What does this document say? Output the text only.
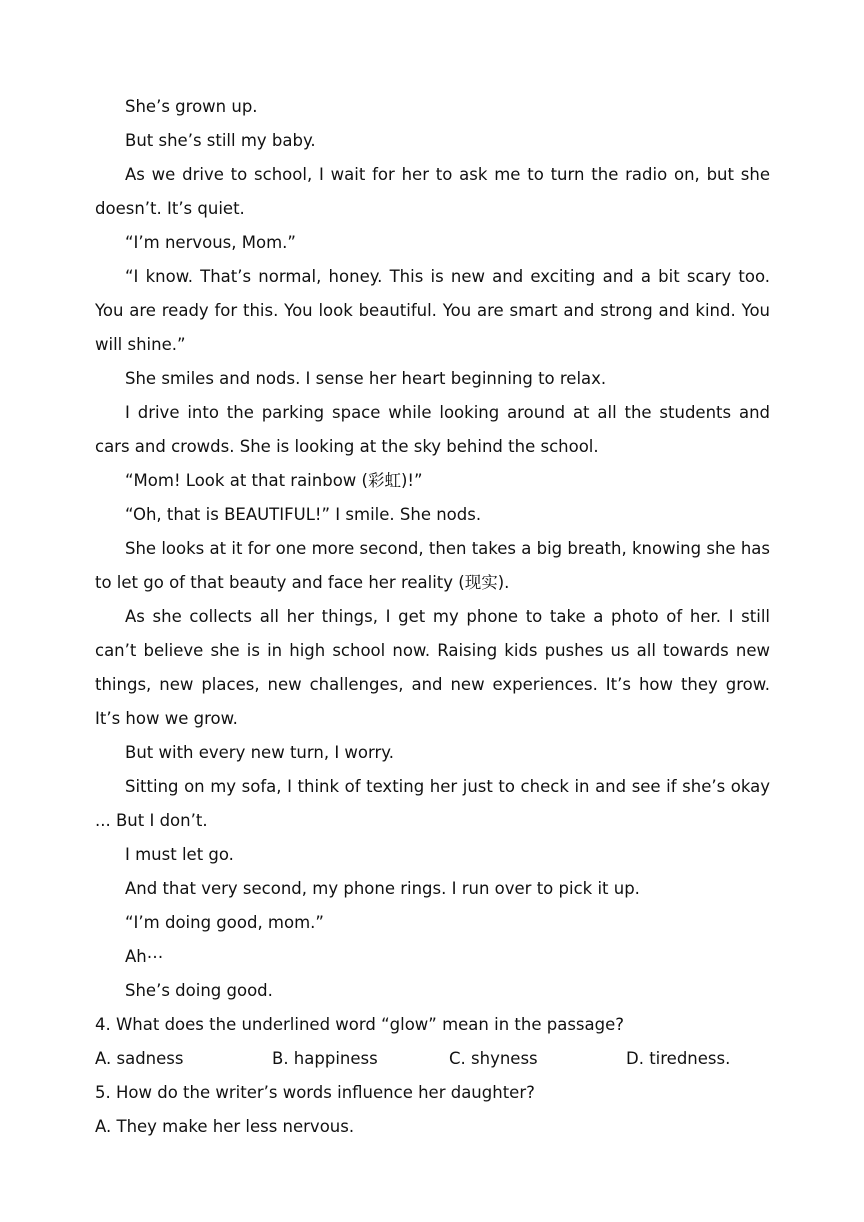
She’s grown up.

But she’s still my baby.

As we drive to school, I wait for her to ask me to turn the radio on, but she doesn’t. It’s quiet.

“I’m nervous, Mom.”

“I know. That’s normal, honey. This is new and exciting and a bit scary too. You are ready for this. You look beautiful. You are smart and strong and kind. You will shine.”

She smiles and nods. I sense her heart beginning to relax.

I drive into the parking space while looking around at all the students and cars and crowds. She is looking at the sky behind the school.

“Mom! Look at that rainbow (彩虹)!”

“Oh, that is BEAUTIFUL!” I smile. She nods.

She looks at it for one more second, then takes a big breath, knowing she has to let go of that beauty and face her reality (现实).

As she collects all her things, I get my phone to take a photo of her. I still can’t believe she is in high school now. Raising kids pushes us all towards new things, new places, new challenges, and new experiences. It’s how they grow. It’s how we grow.

But with every new turn, I worry.

Sitting on my sofa, I think of texting her just to check in and see if she’s okay ... But I don’t.

I must let go.

And that very second, my phone rings. I run over to pick it up.

“I’m doing good, mom.”

Ah⋯

She’s doing good.

4. What does the underlined word “glow” mean in the passage?

A. sadness	B. happiness	C. shyness	D. tiredness.

5. How do the writer’s words influence her daughter?

A. They make her less nervous.
